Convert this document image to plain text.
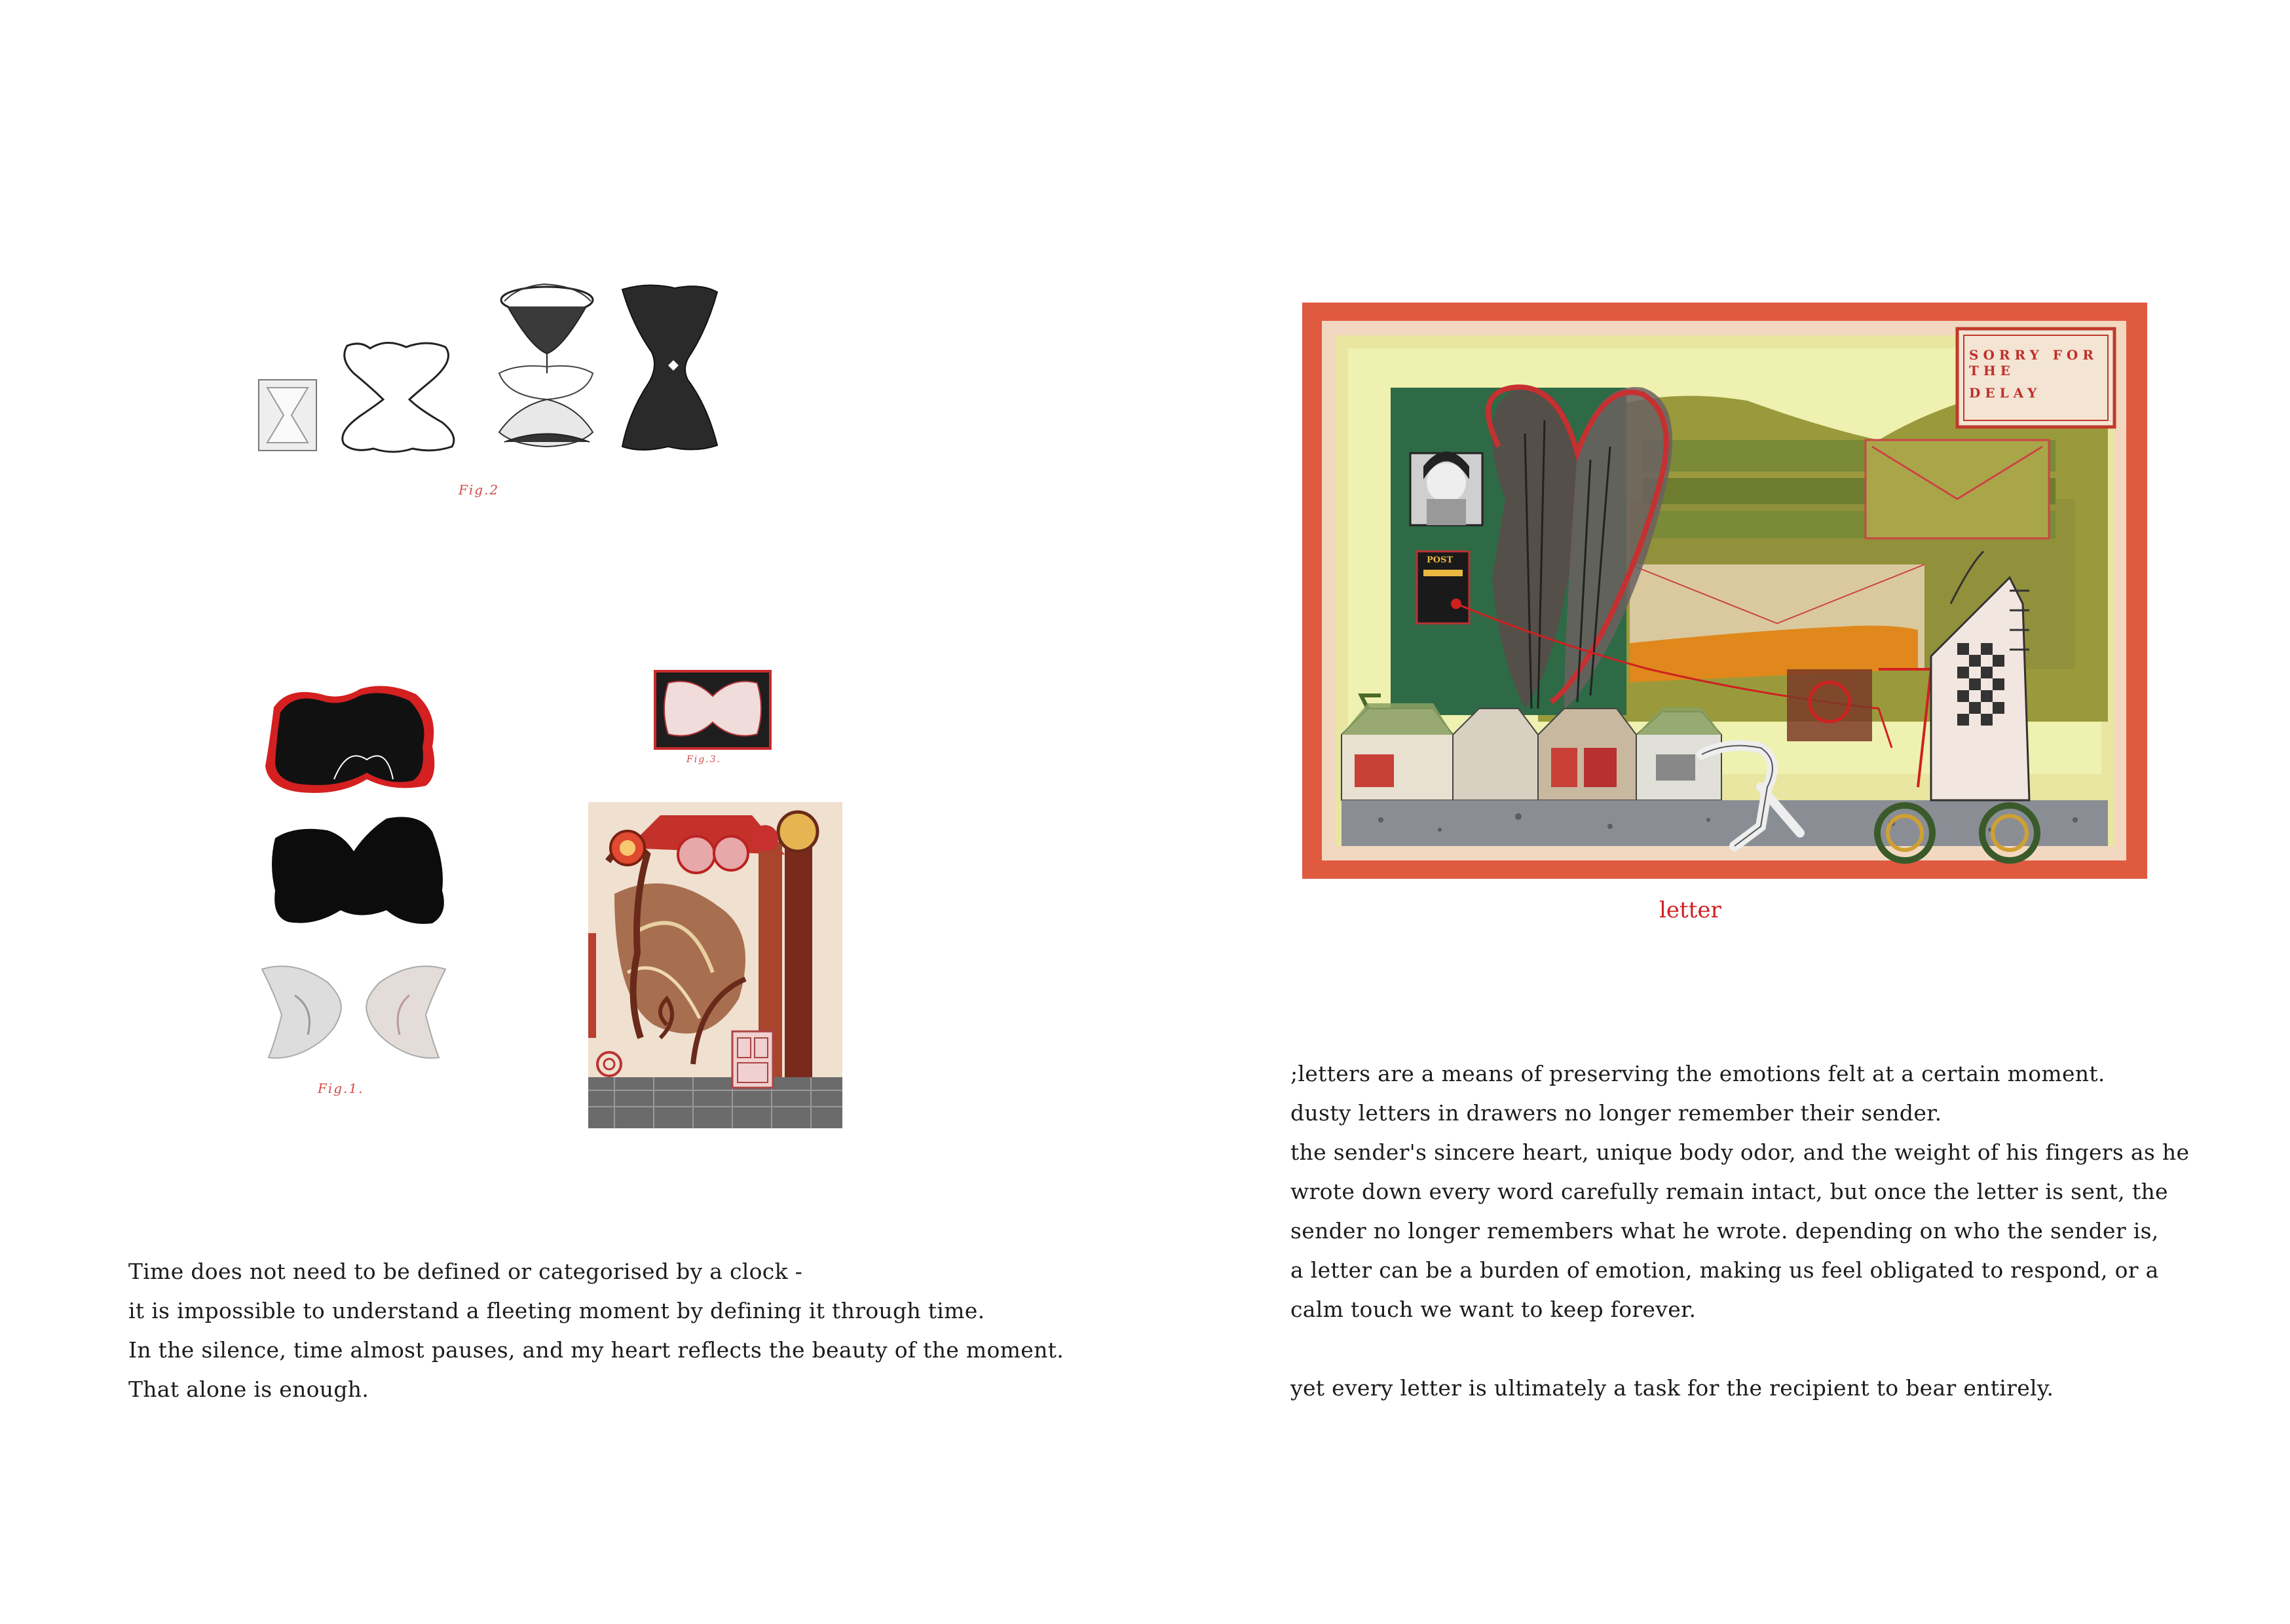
Fig.2
Fig.1.
Fig.3.
Time does not need to be defined or categorised by a clock -
it is impossible to understand a fleeting moment by defining it through time.
In the silence, time almost pauses, and my heart reflects the beauty of the moment.
That alone is enough.
SORRY FOR THE
DELAY
POST
letter
;letters are a means of preserving the emotions felt at a certain moment.
dusty letters in drawers no longer remember their sender.
the sender's sincere heart, unique body odor, and the weight of his fingers as he
wrote down every word carefully remain intact, but once the letter is sent, the
sender no longer remembers what he wrote. depending on who the sender is,
a letter can be a burden of emotion, making us feel obligated to respond, or a
calm touch we want to keep forever.
yet every letter is ultimately a task for the recipient to bear entirely.
